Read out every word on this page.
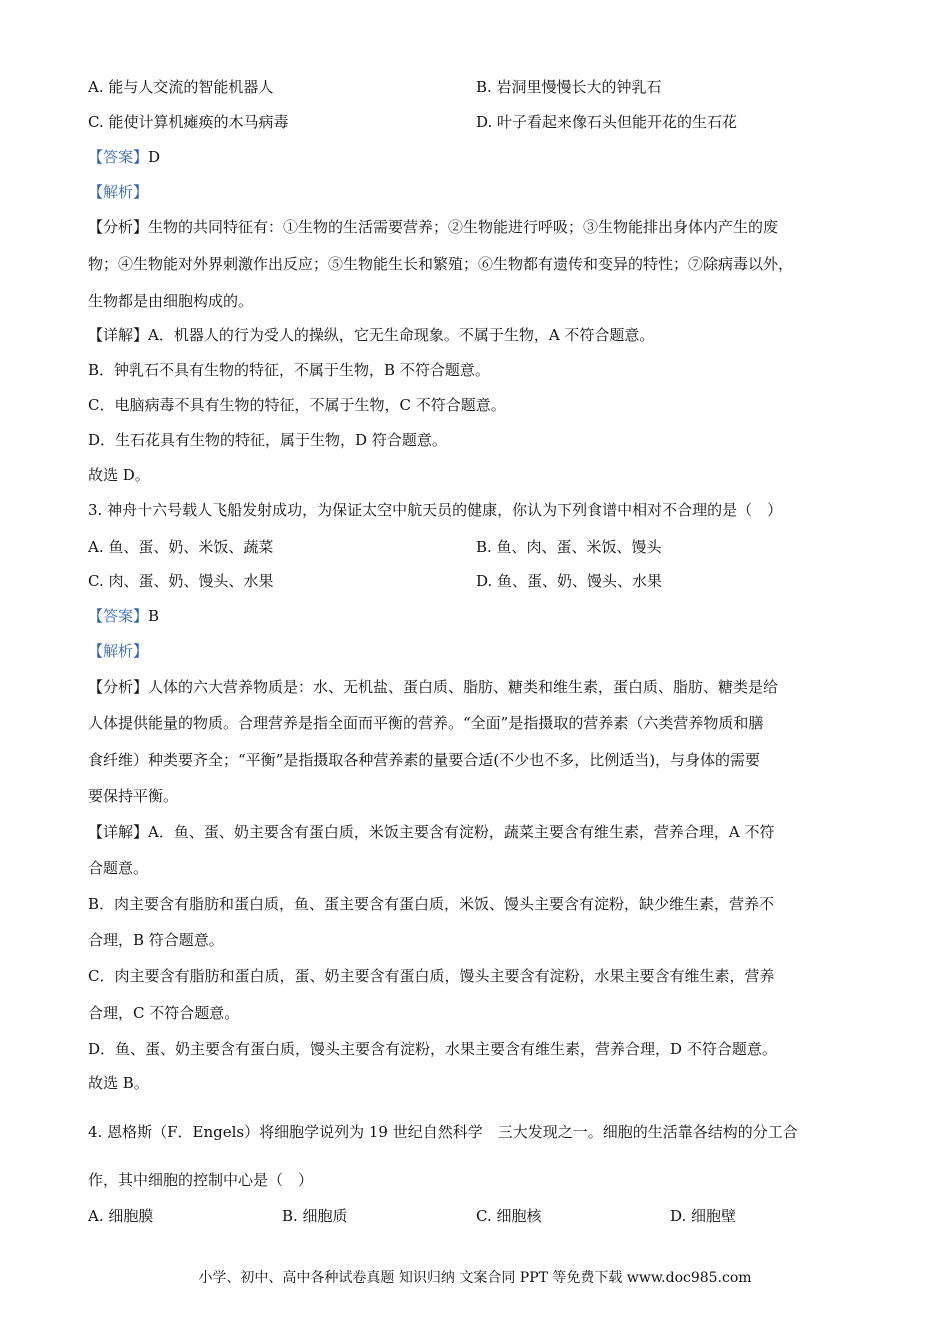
A. 能与人交流的智能机器人	B. 岩洞里慢慢长大的钟乳石
C. 能使计算机瘫痪的木马病毒	D. 叶子看起来像石头但能开花的生石花
【答案】D
【解析】
【分析】生物的共同特征有：①生物的生活需要营养；②生物能进行呼吸；③生物能排出身体内产生的废
物；④生物能对外界刺激作出反应；⑤生物能生长和繁殖；⑥生物都有遗传和变异的特性；⑦除病毒以外，
生物都是由细胞构成的。
【详解】A．机器人的行为受人的操纵，它无生命现象。不属于生物，A 不符合题意。
B．钟乳石不具有生物的特征，不属于生物，B 不符合题意。
C．电脑病毒不具有生物的特征，不属于生物，C 不符合题意。
D．生石花具有生物的特征，属于生物，D 符合题意。
故选 D。
3. 神舟十六号载人飞船发射成功，为保证太空中航天员的健康，你认为下列食谱中相对不合理的是（　）
A. 鱼、蛋、奶、米饭、蔬菜	B. 鱼、肉、蛋、米饭、馒头
C. 肉、蛋、奶、馒头、水果	D. 鱼、蛋、奶、馒头、水果
【答案】B
【解析】
【分析】人体的六大营养物质是：水、无机盐、蛋白质、脂肪、糖类和维生素，蛋白质、脂肪、糖类是给
人体提供能量的物质。合理营养是指全面而平衡的营养。“全面”是指摄取的营养素（六类营养物质和膳
食纤维）种类要齐全；“平衡”是指摄取各种营养素的量要合适(不少也不多，比例适当)，与身体的需要
要保持平衡。
【详解】A．鱼、蛋、奶主要含有蛋白质，米饭主要含有淀粉，蔬菜主要含有维生素，营养合理，A 不符
合题意。
B．肉主要含有脂肪和蛋白质，鱼、蛋主要含有蛋白质，米饭、馒头主要含有淀粉，缺少维生素，营养不
合理，B 符合题意。
C．肉主要含有脂肪和蛋白质，蛋、奶主要含有蛋白质，馒头主要含有淀粉，水果主要含有维生素，营养
合理，C 不符合题意。
D．鱼、蛋、奶主要含有蛋白质，馒头主要含有淀粉，水果主要含有维生素，营养合理，D 不符合题意。
故选 B。
4. 恩格斯（F．Engels）将细胞学说列为 19 世纪自然科学　三大发现之一。细胞的生活靠各结构的分工合
作，其中细胞的控制中心是（　）
A. 细胞膜	B. 细胞质	C. 细胞核	D. 细胞壁
小学、初中、高中各种试卷真题 知识归纳 文案合同 PPT 等免费下载 www.doc985.com
